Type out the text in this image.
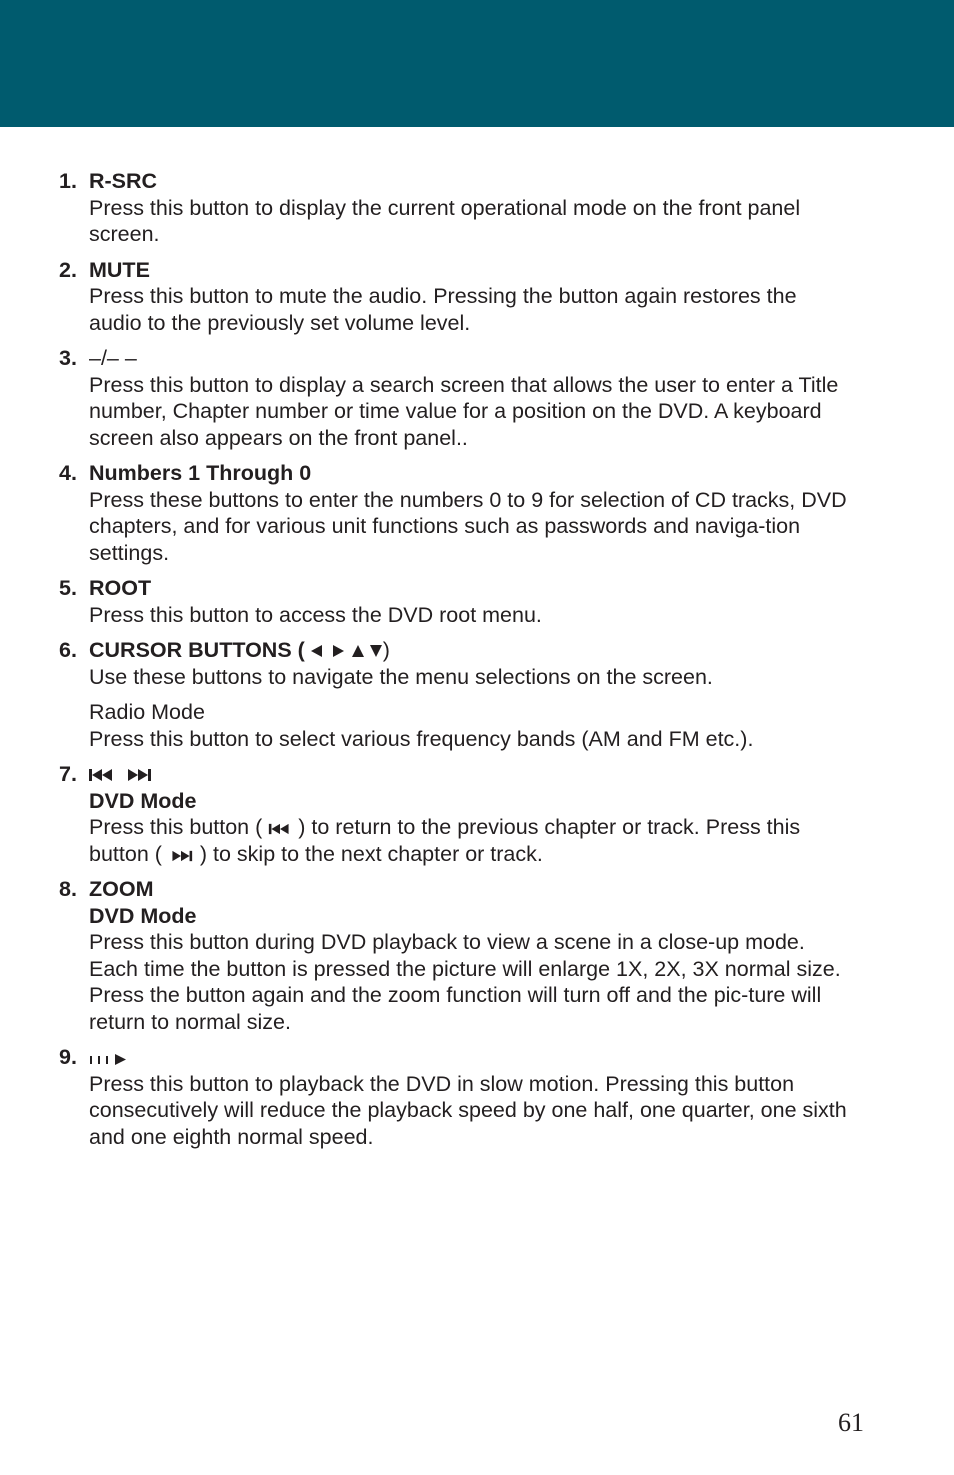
1. R-SRC

Press this button to display the current operational mode on the front panel screen.

2. MUTE

Press this button to mute the audio. Pressing the button again restores the audio to the previously set volume level.

3. –/– –

Press this button to display a search screen that allows the user to enter a Title number, Chapter number or time value for a position on the DVD. A keyboard screen also appears on the front panel..

4. Numbers 1 Through 0

Press these buttons to enter the numbers 0 to 9 for selection of CD tracks, DVD chapters, and for various unit functions such as passwords and naviga-tion settings.

5. ROOT

Press this button to access the DVD root menu.

6. CURSOR BUTTONS (	)

Use these buttons to navigate the menu selections on the screen.

Radio Mode

Press this button to select various frequency bands (AM and FM etc.).

7.

DVD Mode

Press this button ( ) to return to the previous chapter or track. Press this button ( ) to skip to the next chapter or track.

8. ZOOM
DVD Mode

Press this button during DVD playback to view a scene in a close-up mode. Each time the button is pressed the picture will enlarge 1X, 2X, 3X normal size. Press the button again and the zoom function will turn off and the pic-ture will return to normal size.

9.

Press this button to playback the DVD in slow motion. Pressing this button consecutively will reduce the playback speed by one half, one quarter, one sixth and one eighth normal speed.

61
